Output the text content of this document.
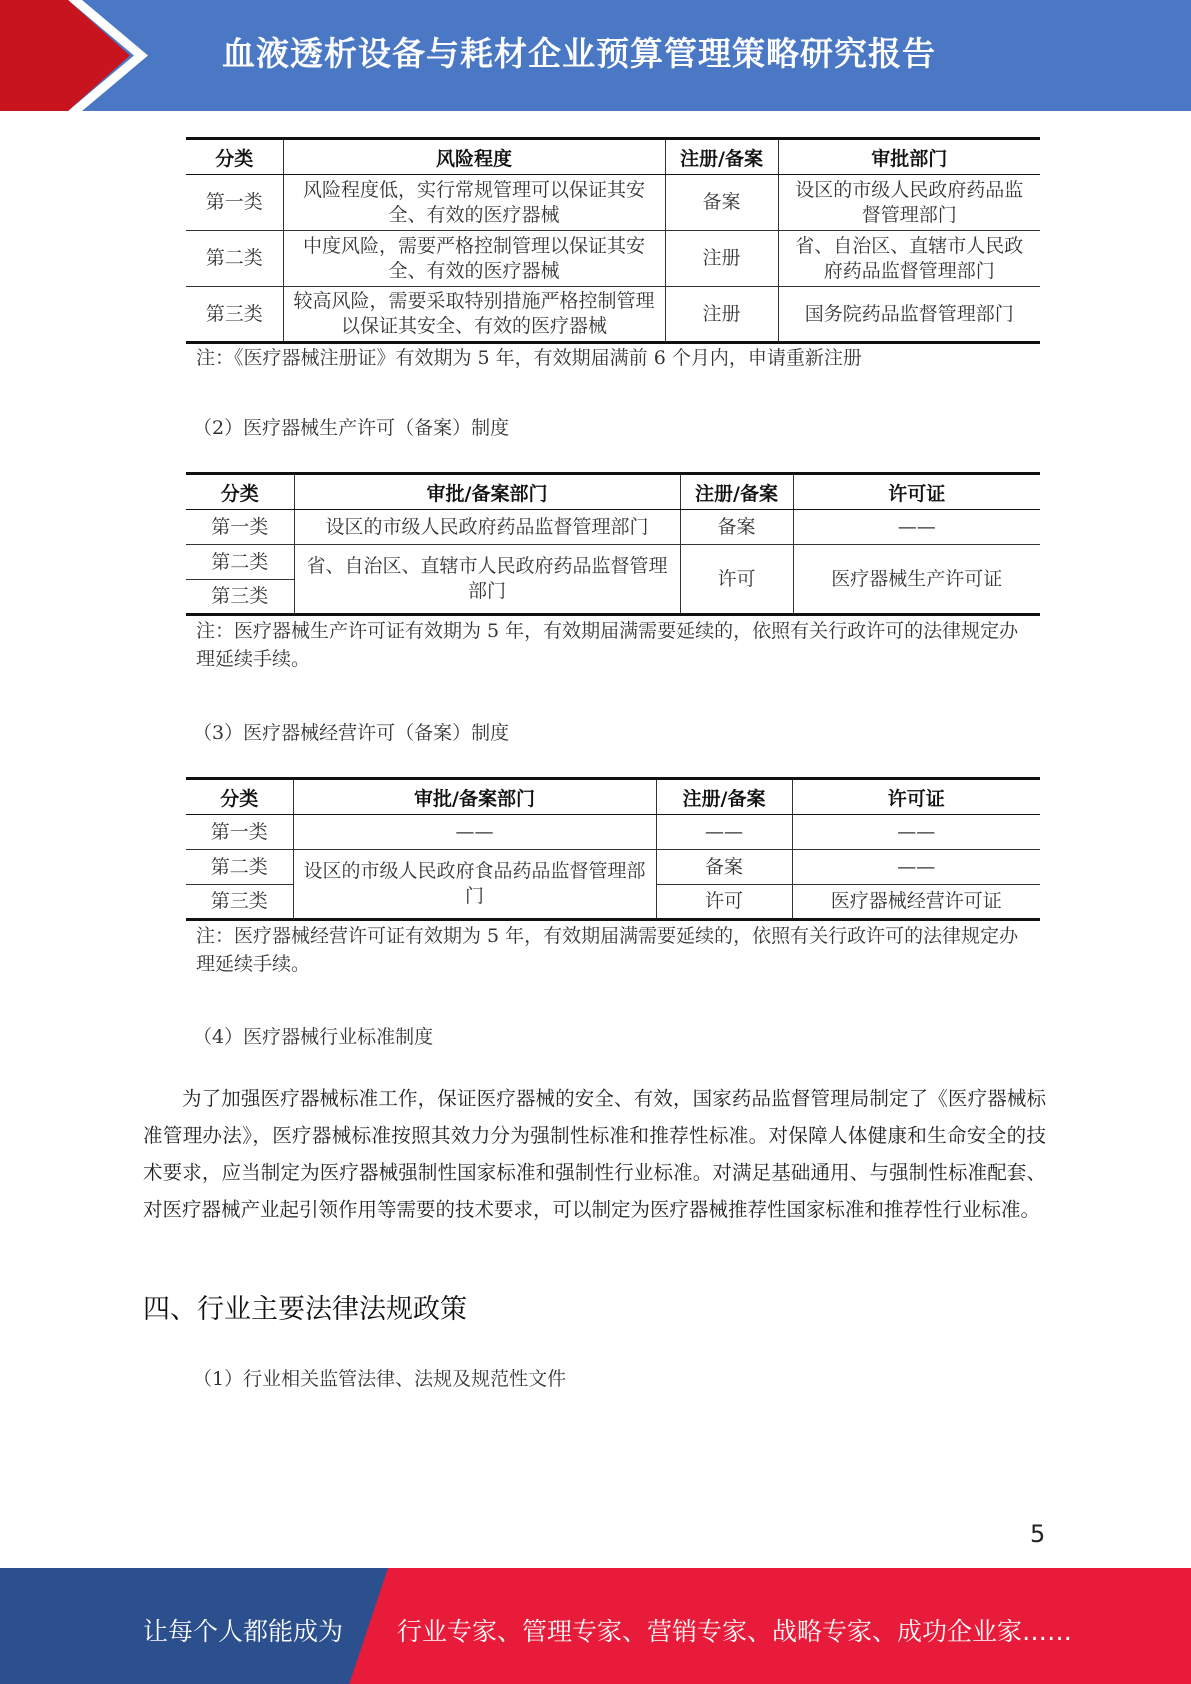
血液透析设备与耗材企业预算管理策略研究报告
分类	风险程度	注册/备案	审批部门
第一类	风险程度低，实行常规管理可以保证其安全、有效的医疗器械	备案	设区的市级人民政府药品监督管理部门
第二类	中度风险，需要严格控制管理以保证其安全、有效的医疗器械	注册	省、自治区、直辖市人民政府药品监督管理部门
第三类	较高风险，需要采取特别措施严格控制管理以保证其安全、有效的医疗器械	注册	国务院药品监督管理部门
注：《医疗器械注册证》有效期为 5 年，有效期届满前 6 个月内，申请重新注册
（2）医疗器械生产许可（备案）制度
分类	审批/备案部门	注册/备案	许可证
第一类	设区的市级人民政府药品监督管理部门	备案	——
第二类	省、自治区、直辖市人民政府药品监督管理部门	许可	医疗器械生产许可证
第三类			
注：医疗器械生产许可证有效期为 5 年，有效期届满需要延续的，依照有关行政许可的法律规定办理延续手续。
（3）医疗器械经营许可（备案）制度
分类	审批/备案部门	注册/备案	许可证
第一类	——	——	——
第二类	设区的市级人民政府食品药品监督管理部门	备案	——
第三类		许可	医疗器械经营许可证
注：医疗器械经营许可证有效期为 5 年，有效期届满需要延续的，依照有关行政许可的法律规定办理延续手续。
（4）医疗器械行业标准制度
为了加强医疗器械标准工作，保证医疗器械的安全、有效，国家药品监督管理局制定了《医疗器械标准管理办法》，医疗器械标准按照其效力分为强制性标准和推荐性标准。对保障人体健康和生命安全的技术要求，应当制定为医疗器械强制性国家标准和强制性行业标准。对满足基础通用、与强制性标准配套、对医疗器械产业起引领作用等需要的技术要求，可以制定为医疗器械推荐性国家标准和推荐性行业标准。
四、行业主要法律法规政策
（1）行业相关监管法律、法规及规范性文件
5
让每个人都能成为 行业专家、管理专家、营销专家、战略专家、成功企业家……
